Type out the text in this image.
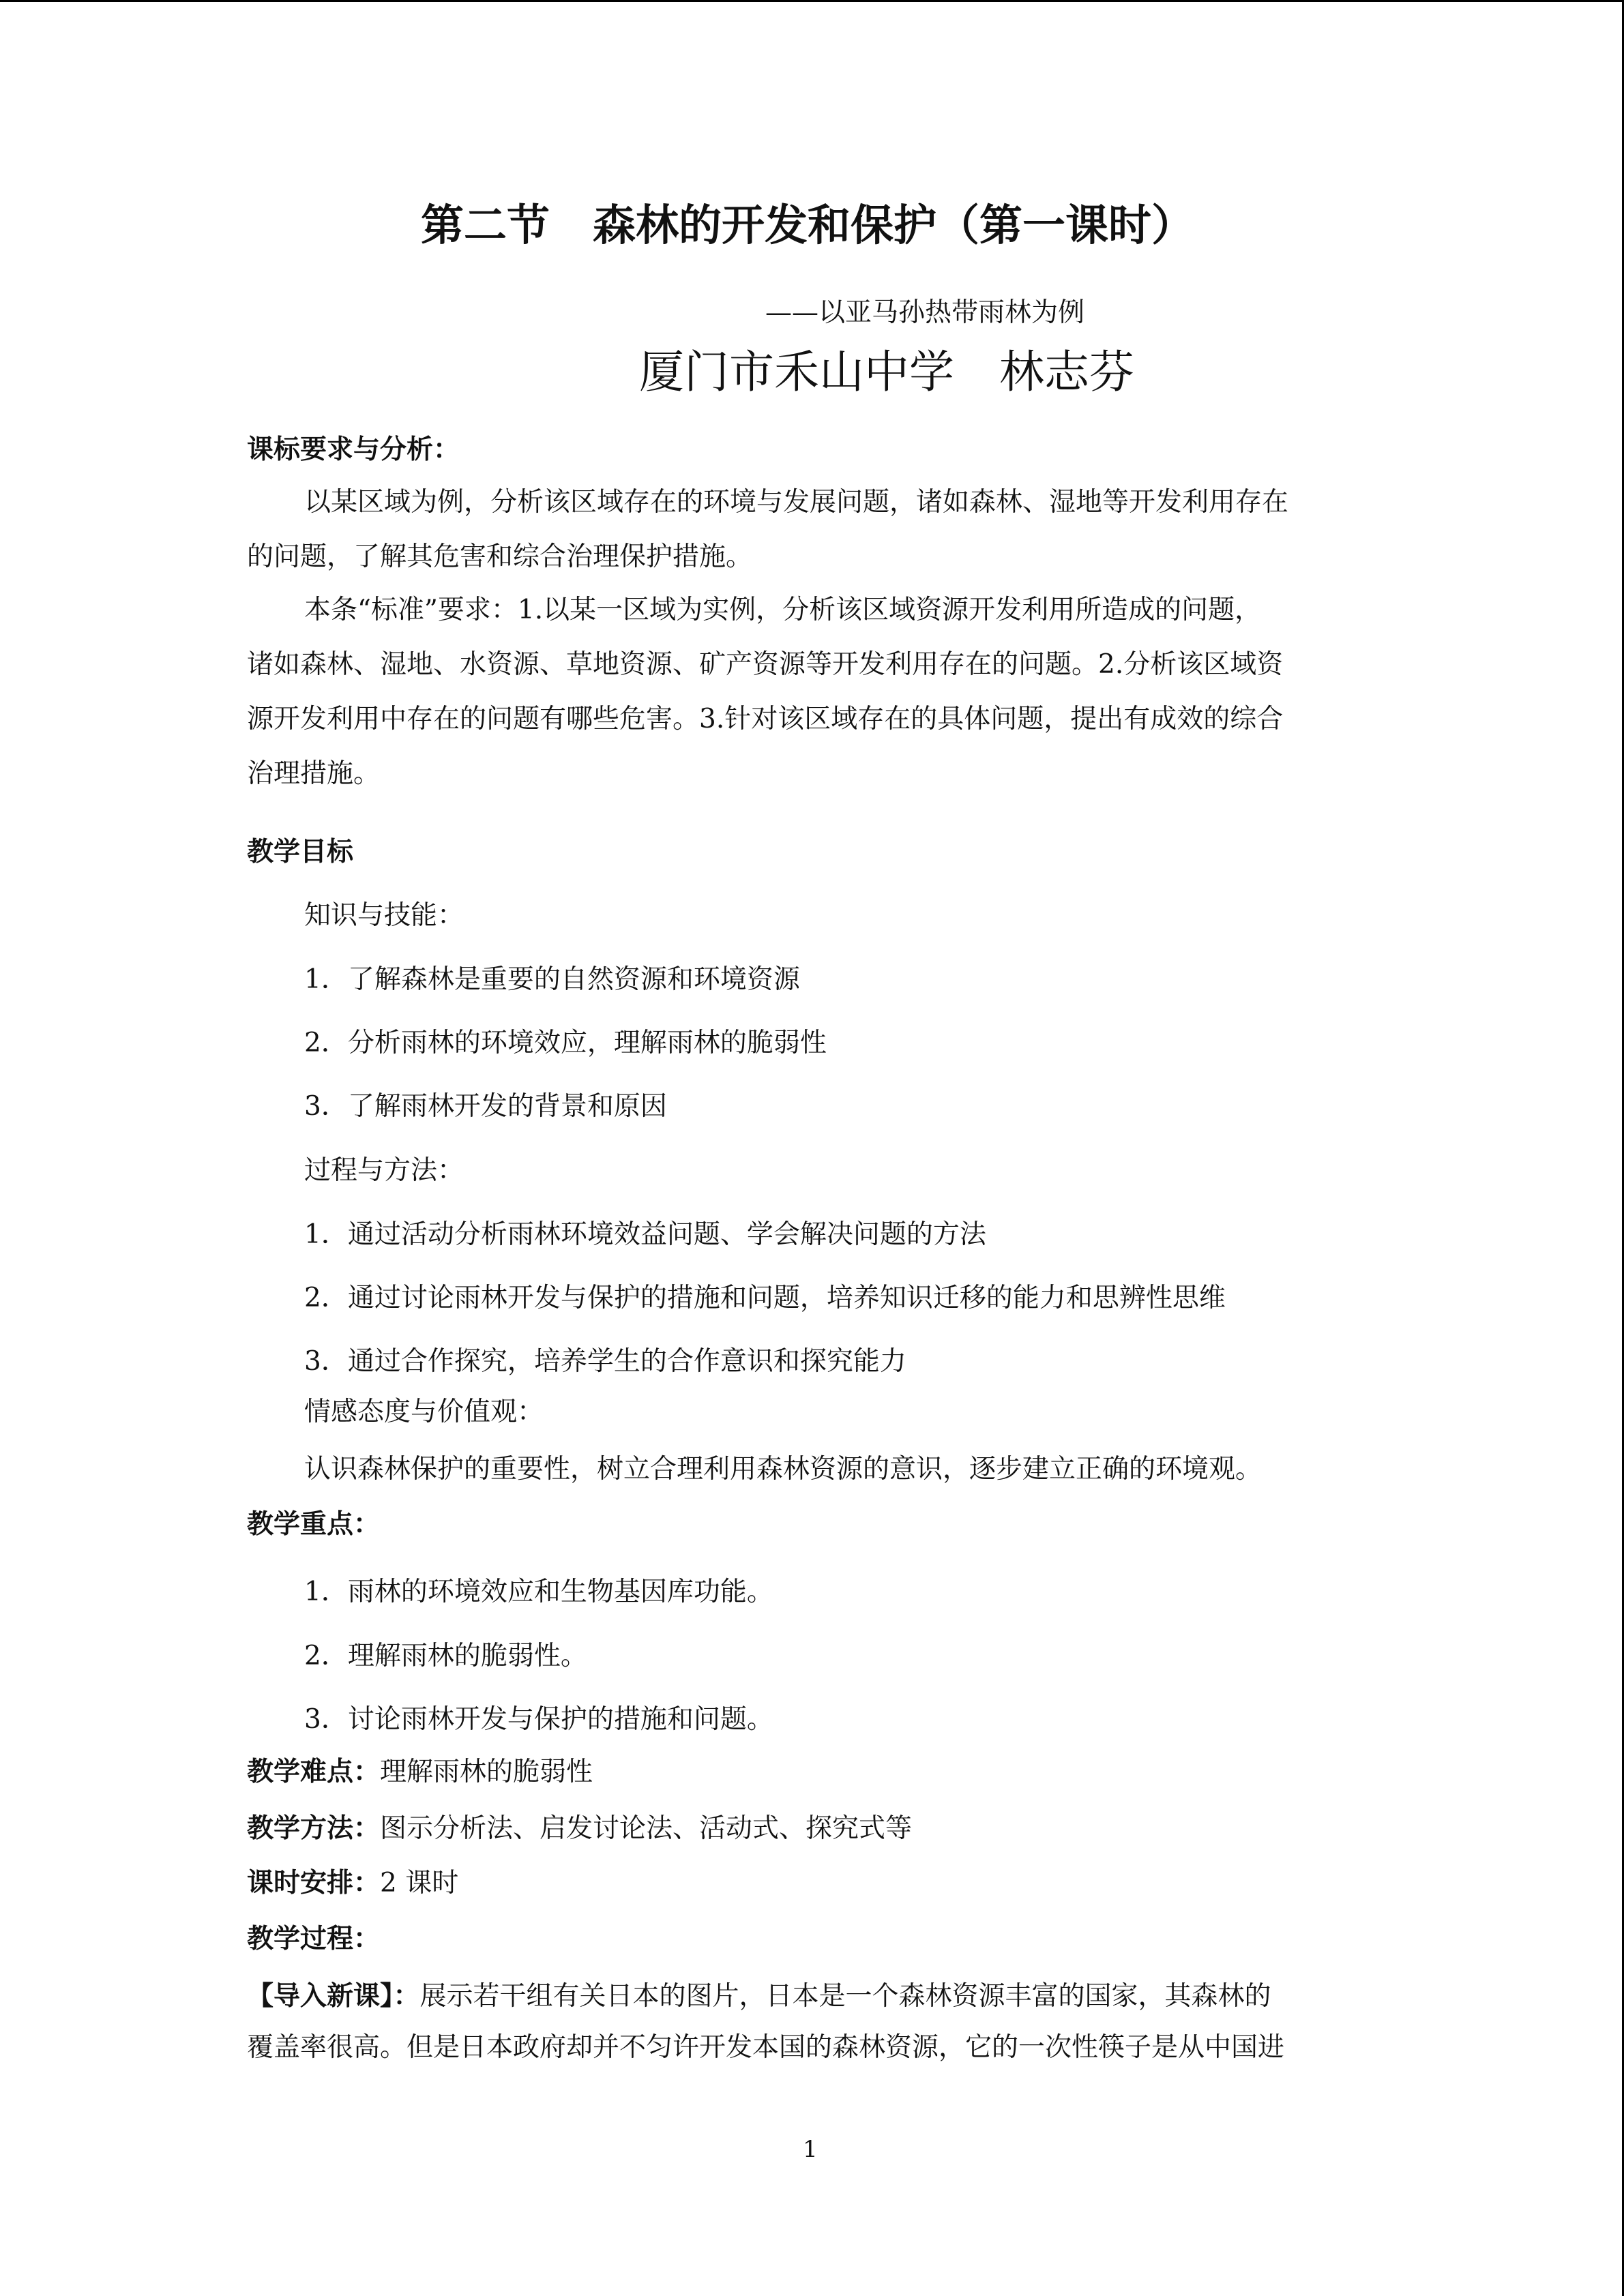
第二节　森林的开发和保护（第一课时）
——以亚马孙热带雨林为例
厦门市禾山中学　林志芬
课标要求与分析：
以某区域为例，分析该区域存在的环境与发展问题，诸如森林、湿地等开发利用存在
的问题，了解其危害和综合治理保护措施。
本条“标准”要求：1.以某一区域为实例，分析该区域资源开发利用所造成的问题，
诸如森林、湿地、水资源、草地资源、矿产资源等开发利用存在的问题。2.分析该区域资
源开发利用中存在的问题有哪些危害。3.针对该区域存在的具体问题，提出有成效的综合
治理措施。
教学目标
知识与技能：
1．了解森林是重要的自然资源和环境资源
2．分析雨林的环境效应，理解雨林的脆弱性
3．了解雨林开发的背景和原因
过程与方法：
1．通过活动分析雨林环境效益问题、学会解决问题的方法
2．通过讨论雨林开发与保护的措施和问题，培养知识迁移的能力和思辨性思维
3．通过合作探究，培养学生的合作意识和探究能力
情感态度与价值观：
认识森林保护的重要性，树立合理利用森林资源的意识，逐步建立正确的环境观。
教学重点：
1．雨林的环境效应和生物基因库功能。
2．理解雨林的脆弱性。
3．讨论雨林开发与保护的措施和问题。
教学难点：理解雨林的脆弱性
教学方法：图示分析法、启发讨论法、活动式、探究式等
课时安排：2 课时
教学过程：
【导入新课】：展示若干组有关日本的图片，日本是一个森林资源丰富的国家，其森林的
覆盖率很高。但是日本政府却并不匀许开发本国的森林资源，它的一次性筷子是从中国进
1
